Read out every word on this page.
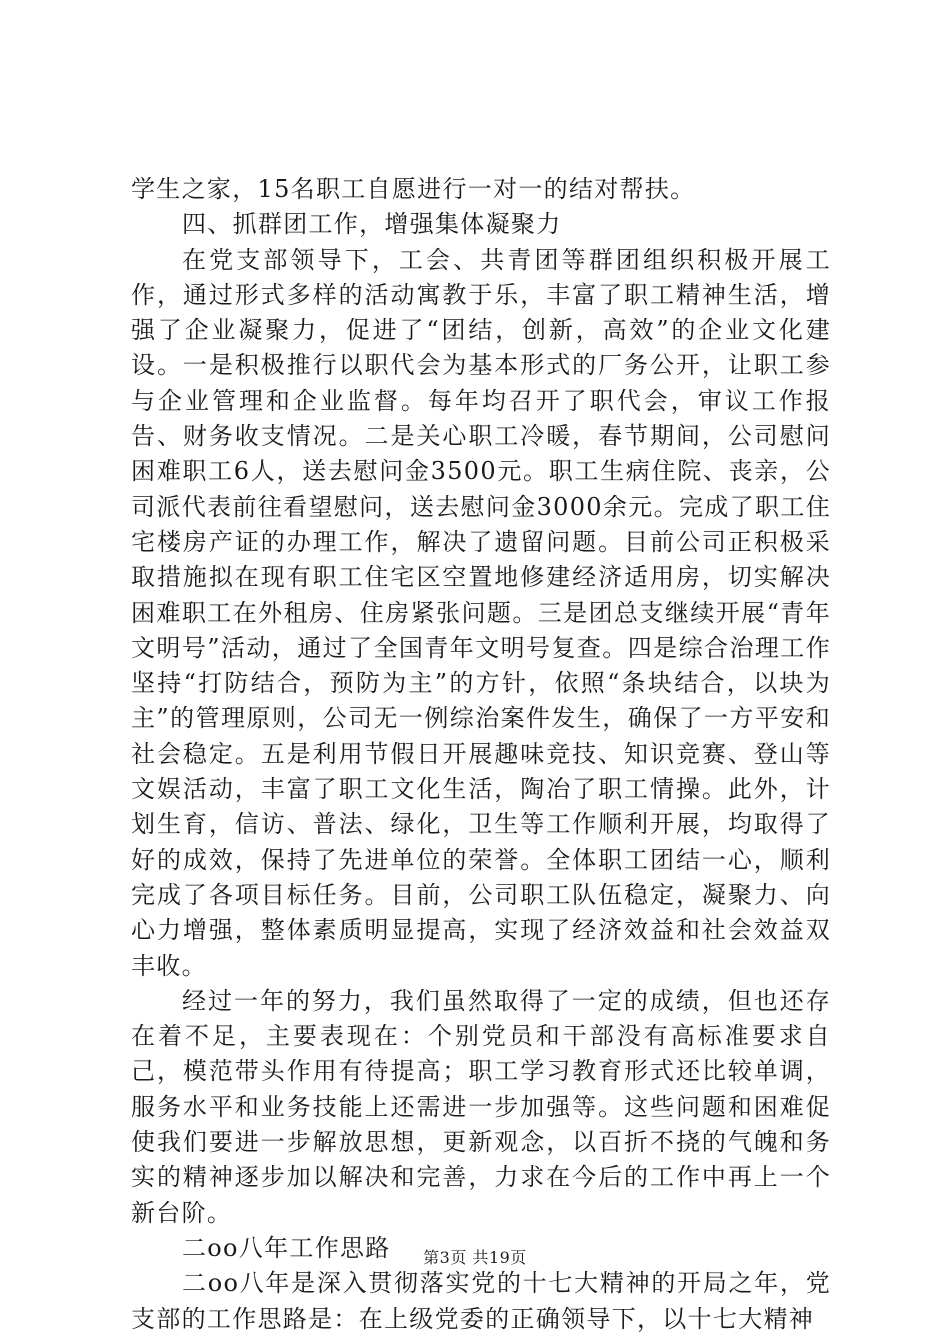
学生之家，15名职工自愿进行一对一的结对帮扶。

四、抓群团工作，增强集体凝聚力

在党支部领导下，工会、共青团等群团组织积极开展工作，通过形式多样的活动寓教于乐，丰富了职工精神生活，增强了企业凝聚力，促进了“团结，创新，高效”的企业文化建设。一是积极推行以职代会为基本形式的厂务公开，让职工参与企业管理和企业监督。每年均召开了职代会，审议工作报告、财务收支情况。二是关心职工冷暖，春节期间，公司慰问困难职工6人，送去慰问金3500元。职工生病住院、丧亲，公司派代表前往看望慰问，送去慰问金3000余元。完成了职工住宅楼房产证的办理工作，解决了遗留问题。目前公司正积极采取措施拟在现有职工住宅区空置地修建经济适用房，切实解决困难职工在外租房、住房紧张问题。三是团总支继续开展“青年文明号”活动，通过了全国青年文明号复查。四是综合治理工作坚持“打防结合，预防为主”的方针，依照“条块结合，以块为主”的管理原则，公司无一例综治案件发生，确保了一方平安和社会稳定。五是利用节假日开展趣味竞技、知识竞赛、登山等文娱活动，丰富了职工文化生活，陶冶了职工情操。此外，计划生育，信访、普法、绿化，卫生等工作顺利开展，均取得了好的成效，保持了先进单位的荣誉。全体职工团结一心，顺利完成了各项目标任务。目前，公司职工队伍稳定，凝聚力、向心力增强，整体素质明显提高，实现了经济效益和社会效益双丰收。

经过一年的努力，我们虽然取得了一定的成绩，但也还存在着不足，主要表现在：个别党员和干部没有高标准要求自己，模范带头作用有待提高；职工学习教育形式还比较单调，服务水平和业务技能上还需进一步加强等。这些问题和困难促使我们要进一步解放思想，更新观念，以百折不挠的气魄和务实的精神逐步加以解决和完善，力求在今后的工作中再上一个新台阶。

二oo八年工作思路

二oo八年是深入贯彻落实党的十七大精神的开局之年，党支部的工作思路是：在上级党委的正确领导下，以十七大精神

第3页 共19页
